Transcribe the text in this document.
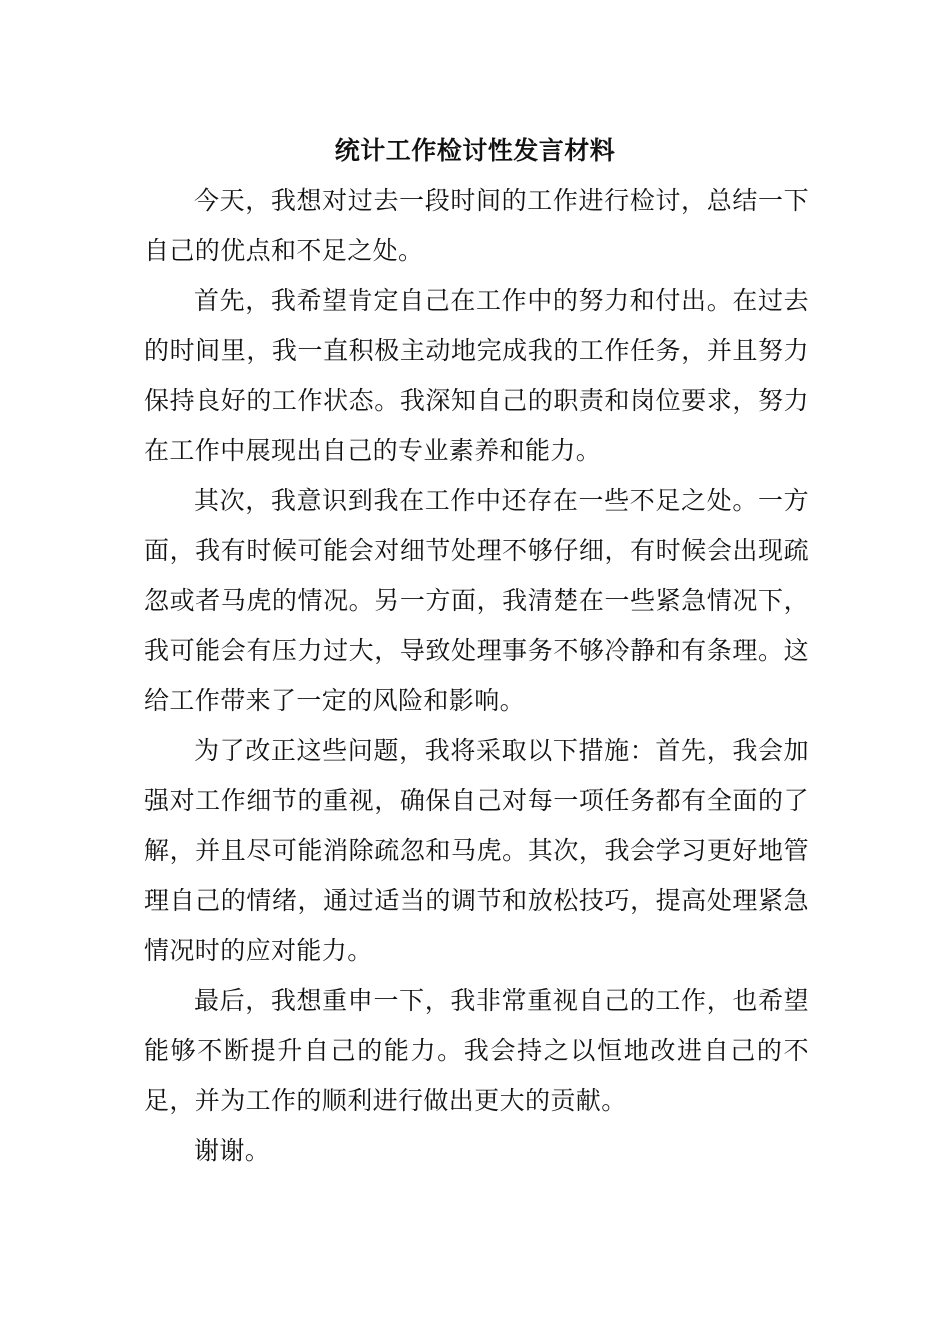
统计工作检讨性发言材料

今天，我想对过去一段时间的工作进行检讨，总结一下自己的优点和不足之处。

首先，我希望肯定自己在工作中的努力和付出。在过去的时间里，我一直积极主动地完成我的工作任务，并且努力保持良好的工作状态。我深知自己的职责和岗位要求，努力在工作中展现出自己的专业素养和能力。

其次，我意识到我在工作中还存在一些不足之处。一方面，我有时候可能会对细节处理不够仔细，有时候会出现疏忽或者马虎的情况。另一方面，我清楚在一些紧急情况下，我可能会有压力过大，导致处理事务不够冷静和有条理。这给工作带来了一定的风险和影响。

为了改正这些问题，我将采取以下措施：首先，我会加强对工作细节的重视，确保自己对每一项任务都有全面的了解，并且尽可能消除疏忽和马虎。其次，我会学习更好地管理自己的情绪，通过适当的调节和放松技巧，提高处理紧急情况时的应对能力。

最后，我想重申一下，我非常重视自己的工作，也希望能够不断提升自己的能力。我会持之以恒地改进自己的不足，并为工作的顺利进行做出更大的贡献。

谢谢。
